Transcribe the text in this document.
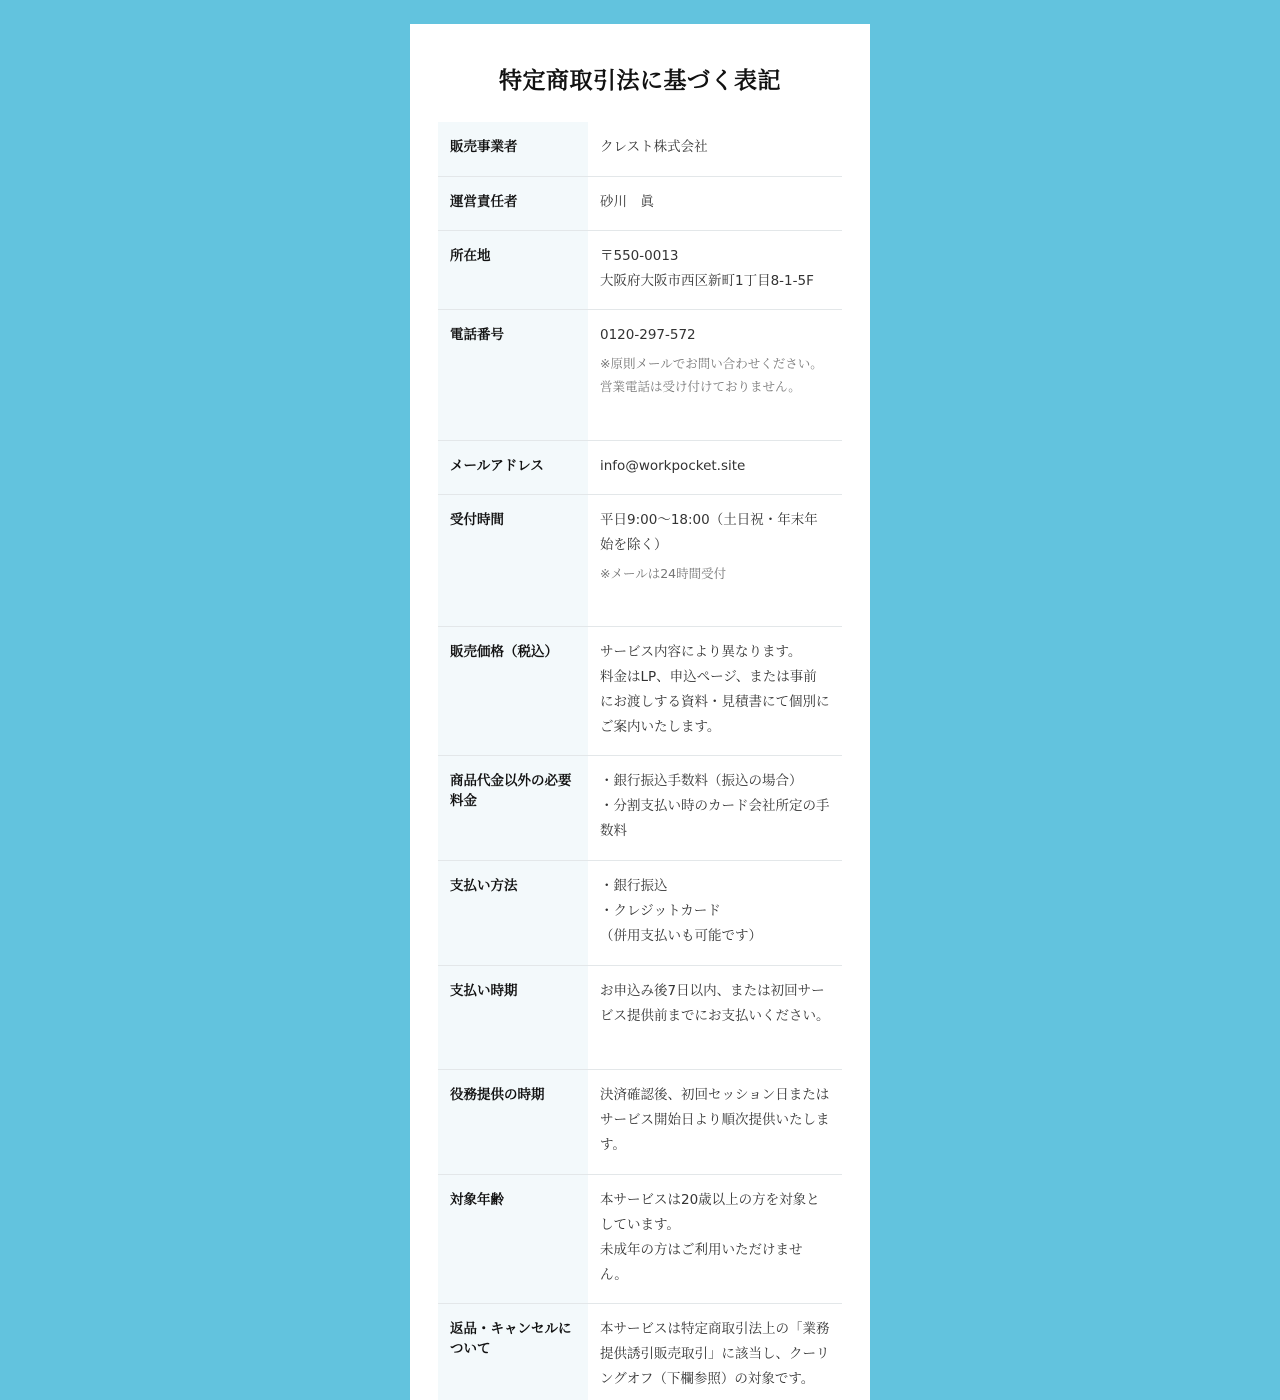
特定商取引法に基づく表記
販売事業者	クレスト株式会社

運営責任者	砂川　眞

所在地	〒550-0013
大阪府大阪市西区新町1丁目8-1-5F

電話番号	0120-297-572
※原則メールでお問い合わせください。
営業電話は受け付けておりません。

メールアドレス	info@workpocket.site

受付時間	平日9:00〜18:00（土日祝・年末年始を除く）
※メールは24時間受付

販売価格（税込）	サービス内容により異なります。
料金はLP、申込ページ、または事前にお渡しする資料・見積書にて個別にご案内いたします。

商品代金以外の必要料金	・銀行振込手数料（振込の場合）
・分割支払い時のカード会社所定の手数料

支払い方法	・銀行振込
・クレジットカード
（併用支払いも可能です）

支払い時期	お申込み後7日以内、または初回サービス提供前までにお支払いください。

役務提供の時期	決済確認後、初回セッション日またはサービス開始日より順次提供いたします。

対象年齢	本サービスは20歳以上の方を対象としています。
未成年の方はご利用いただけません。

返品・キャンセルについて	本サービスは特定商取引法上の「業務提供誘引販売取引」に該当し、クーリングオフ（下欄参照）の対象です。
